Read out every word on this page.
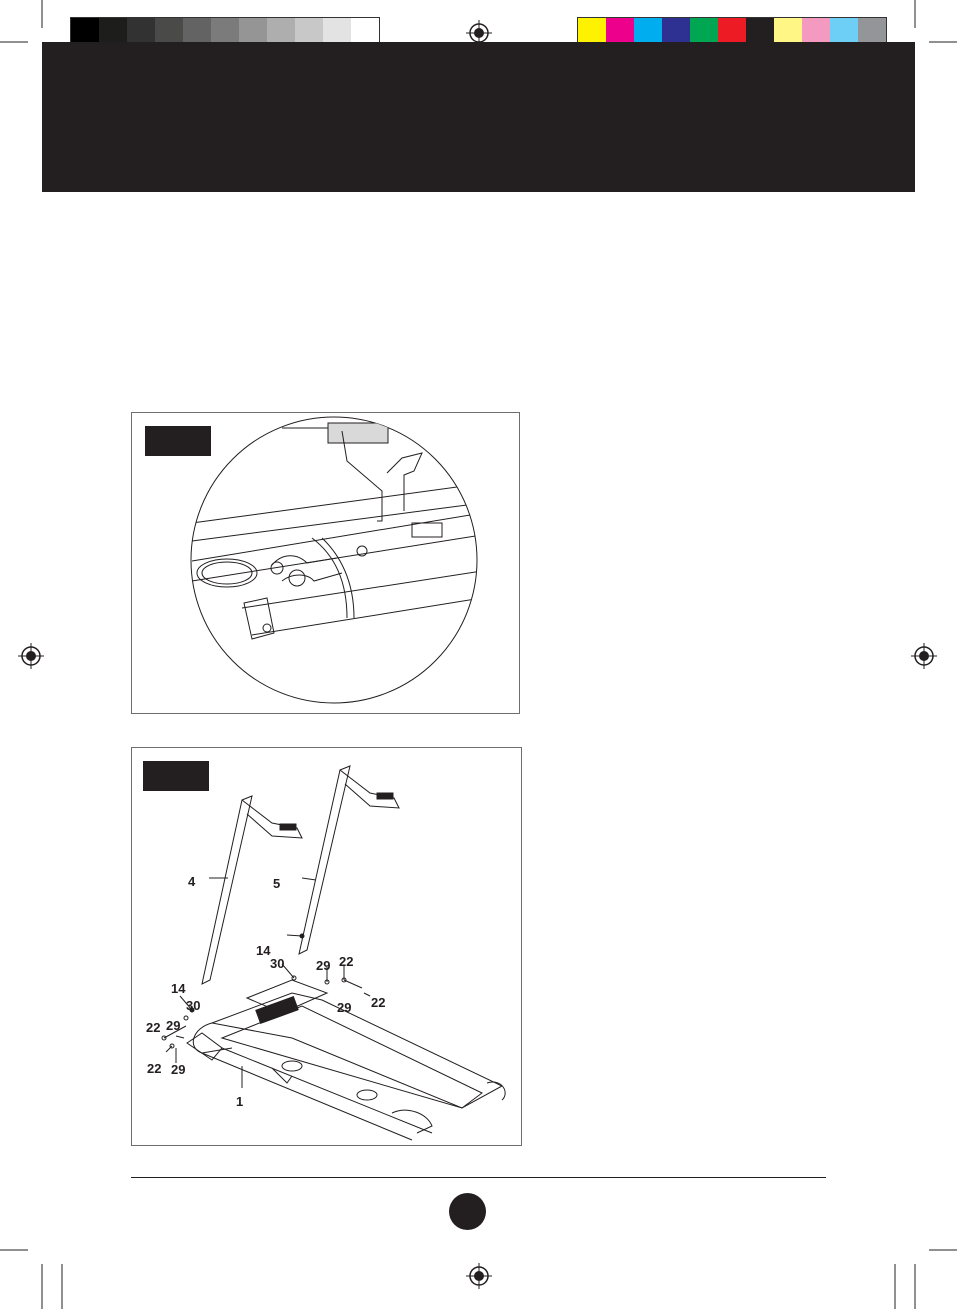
4	5
14
30 29 22
29 22
14
30
22 29
22 29
1
